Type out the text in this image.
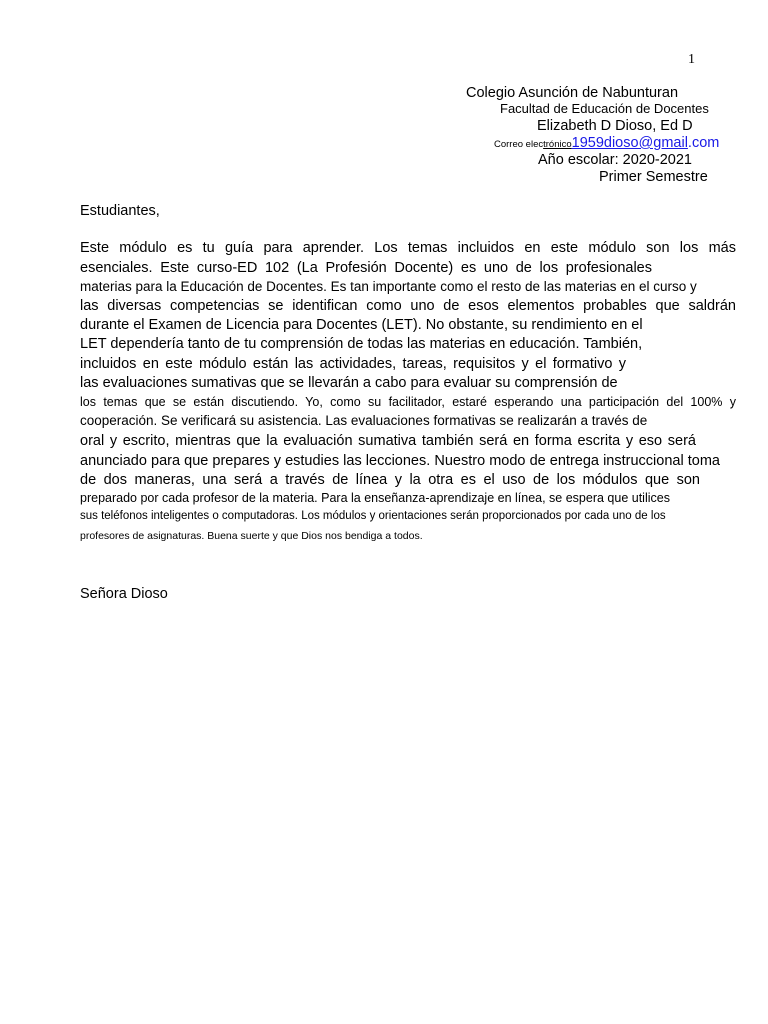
1
Colegio Asunción de Nabunturan
Facultad de Educación de Docentes
Elizabeth D Dioso, Ed D
Correo electrónico1959dioso@gmail.com
Año escolar: 2020-2021
Primer Semestre
Estudiantes,
Este módulo es tu guía para aprender. Los temas incluidos en este módulo son los más
esenciales. Este curso-ED 102 (La Profesión Docente) es uno de los profesionales
materias para la Educación de Docentes. Es tan importante como el resto de las materias en el curso y
las diversas competencias se identifican como uno de esos elementos probables que saldrán
durante el Examen de Licencia para Docentes (LET). No obstante, su rendimiento en el
LET dependería tanto de tu comprensión de todas las materias en educación. También,
incluidos en este módulo están las actividades, tareas, requisitos y el formativo y
las evaluaciones sumativas que se llevarán a cabo para evaluar su comprensión de
los temas que se están discutiendo. Yo, como su facilitador, estaré esperando una participación del 100% y
cooperación. Se verificará su asistencia. Las evaluaciones formativas se realizarán a través de
oral y escrito, mientras que la evaluación sumativa también será en forma escrita y eso será
anunciado para que prepares y estudies las lecciones. Nuestro modo de entrega instruccional toma
de dos maneras, una será a través de línea y la otra es el uso de los módulos que son
preparado por cada profesor de la materia. Para la enseñanza-aprendizaje en línea, se espera que utilices
sus teléfonos inteligentes o computadoras. Los módulos y orientaciones serán proporcionados por cada uno de los
profesores de asignaturas. Buena suerte y que Dios nos bendiga a todos.
Señora Dioso
